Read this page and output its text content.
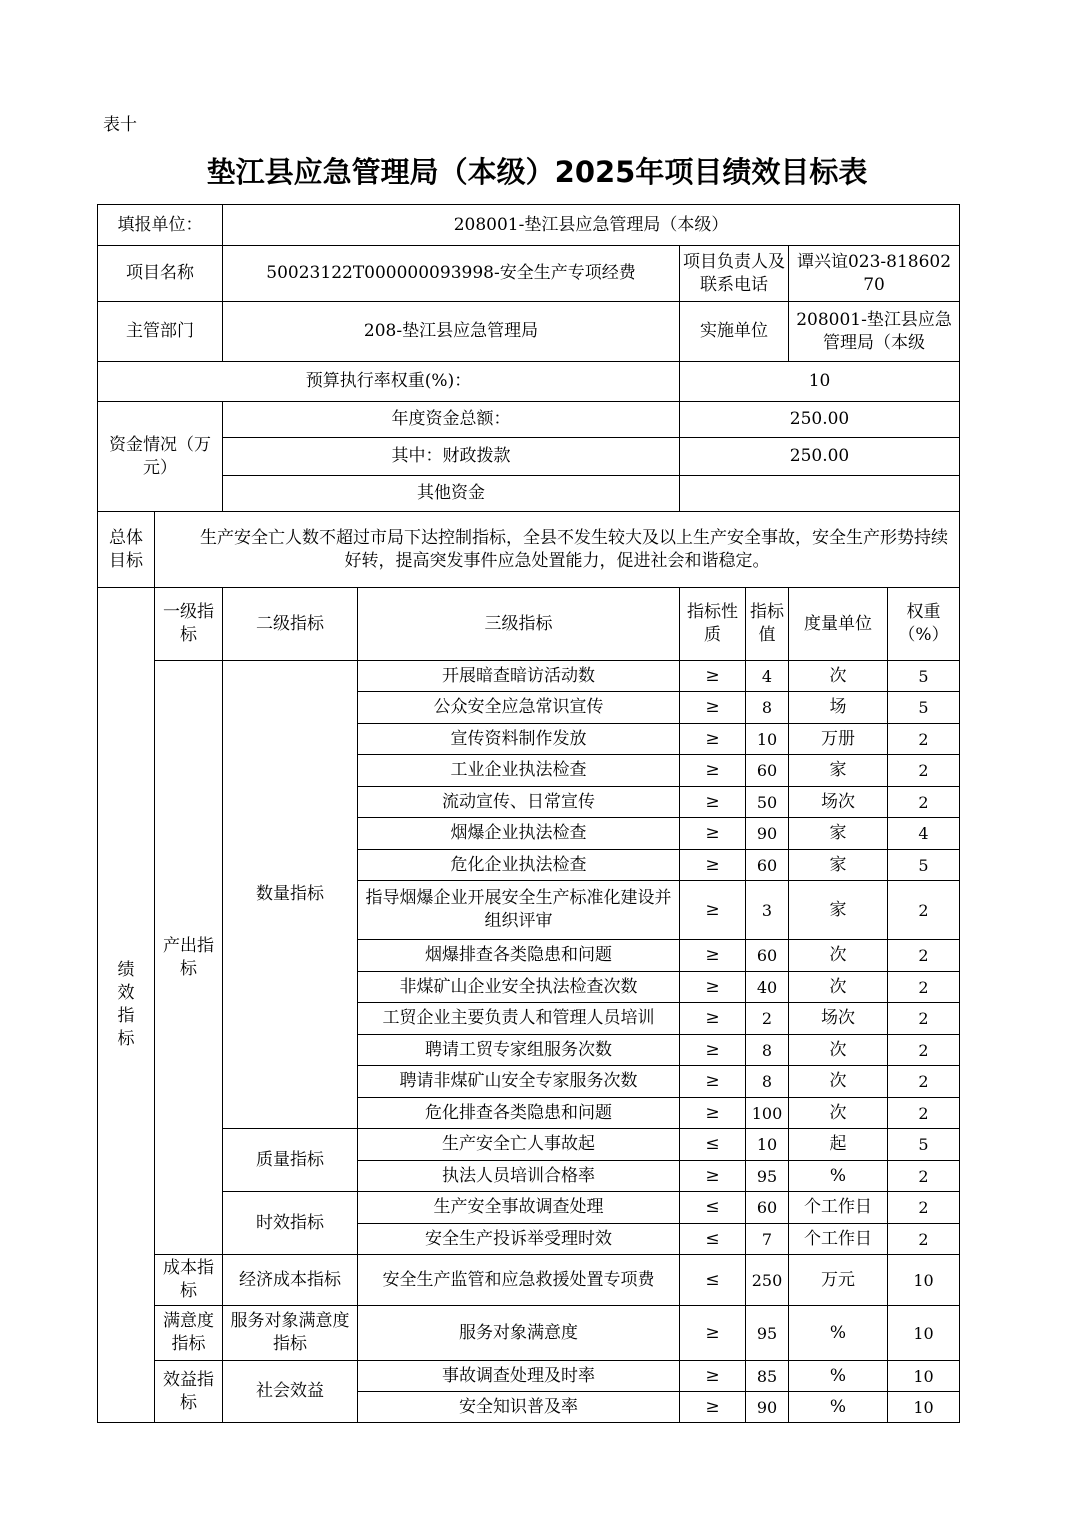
表十
垫江县应急管理局（本级）2025年项目绩效目标表
填报单位：		208001-垫江县应急管理局（本级）					
项目名称		50023122T000000093998-安全生产专项经费		项目负责人及联系电话		谭兴谊023-81860270	
主管部门		208-垫江县应急管理局		实施单位		208001-垫江县应急管理局（本级	
预算执行率权重(%)：				10			
资金情况（万元）		年度资金总额：		250.00			
		其中：财政拨款		250.00			
		其他资金					
总体目标	生产安全亡人数不超过市局下达控制指标，全县不发生较大及以上生产安全事故，安全生产形势持续好转，提高突发事件应急处置能力，促进社会和谐稳定。						
绩效指标	一级指标	二级指标	三级指标	指标性质	指标值	度量单位	权重（%）
	产出指标	数量指标	开展暗查暗访活动数	≥	4	次	5
			公众安全应急常识宣传	≥	8	场	5
			宣传资料制作发放	≥	10	万册	2
			工业企业执法检查	≥	60	家	2
			流动宣传、日常宣传	≥	50	场次	2
			烟爆企业执法检查	≥	90	家	4
			危化企业执法检查	≥	60	家	5
			指导烟爆企业开展安全生产标准化建设并组织评审	≥	3	家	2
			烟爆排查各类隐患和问题	≥	60	次	2
			非煤矿山企业安全执法检查次数	≥	40	次	2
			工贸企业主要负责人和管理人员培训	≥	2	场次	2
			聘请工贸专家组服务次数	≥	8	次	2
			聘请非煤矿山安全专家服务次数	≥	8	次	2
			危化排查各类隐患和问题	≥	100	次	2
		质量指标	生产安全亡人事故起	≤	10	起	5
			执法人员培训合格率	≥	95	%	2
		时效指标	生产安全事故调查处理	≤	60	个工作日	2
			安全生产投诉举受理时效	≤	7	个工作日	2
	成本指标	经济成本指标	安全生产监管和应急救援处置专项费	≤	250	万元	10
	满意度指标	服务对象满意度指标	服务对象满意度	≥	95	%	10
	效益指标	社会效益	事故调查处理及时率	≥	85	%	10
			安全知识普及率	≥	90	%	10
